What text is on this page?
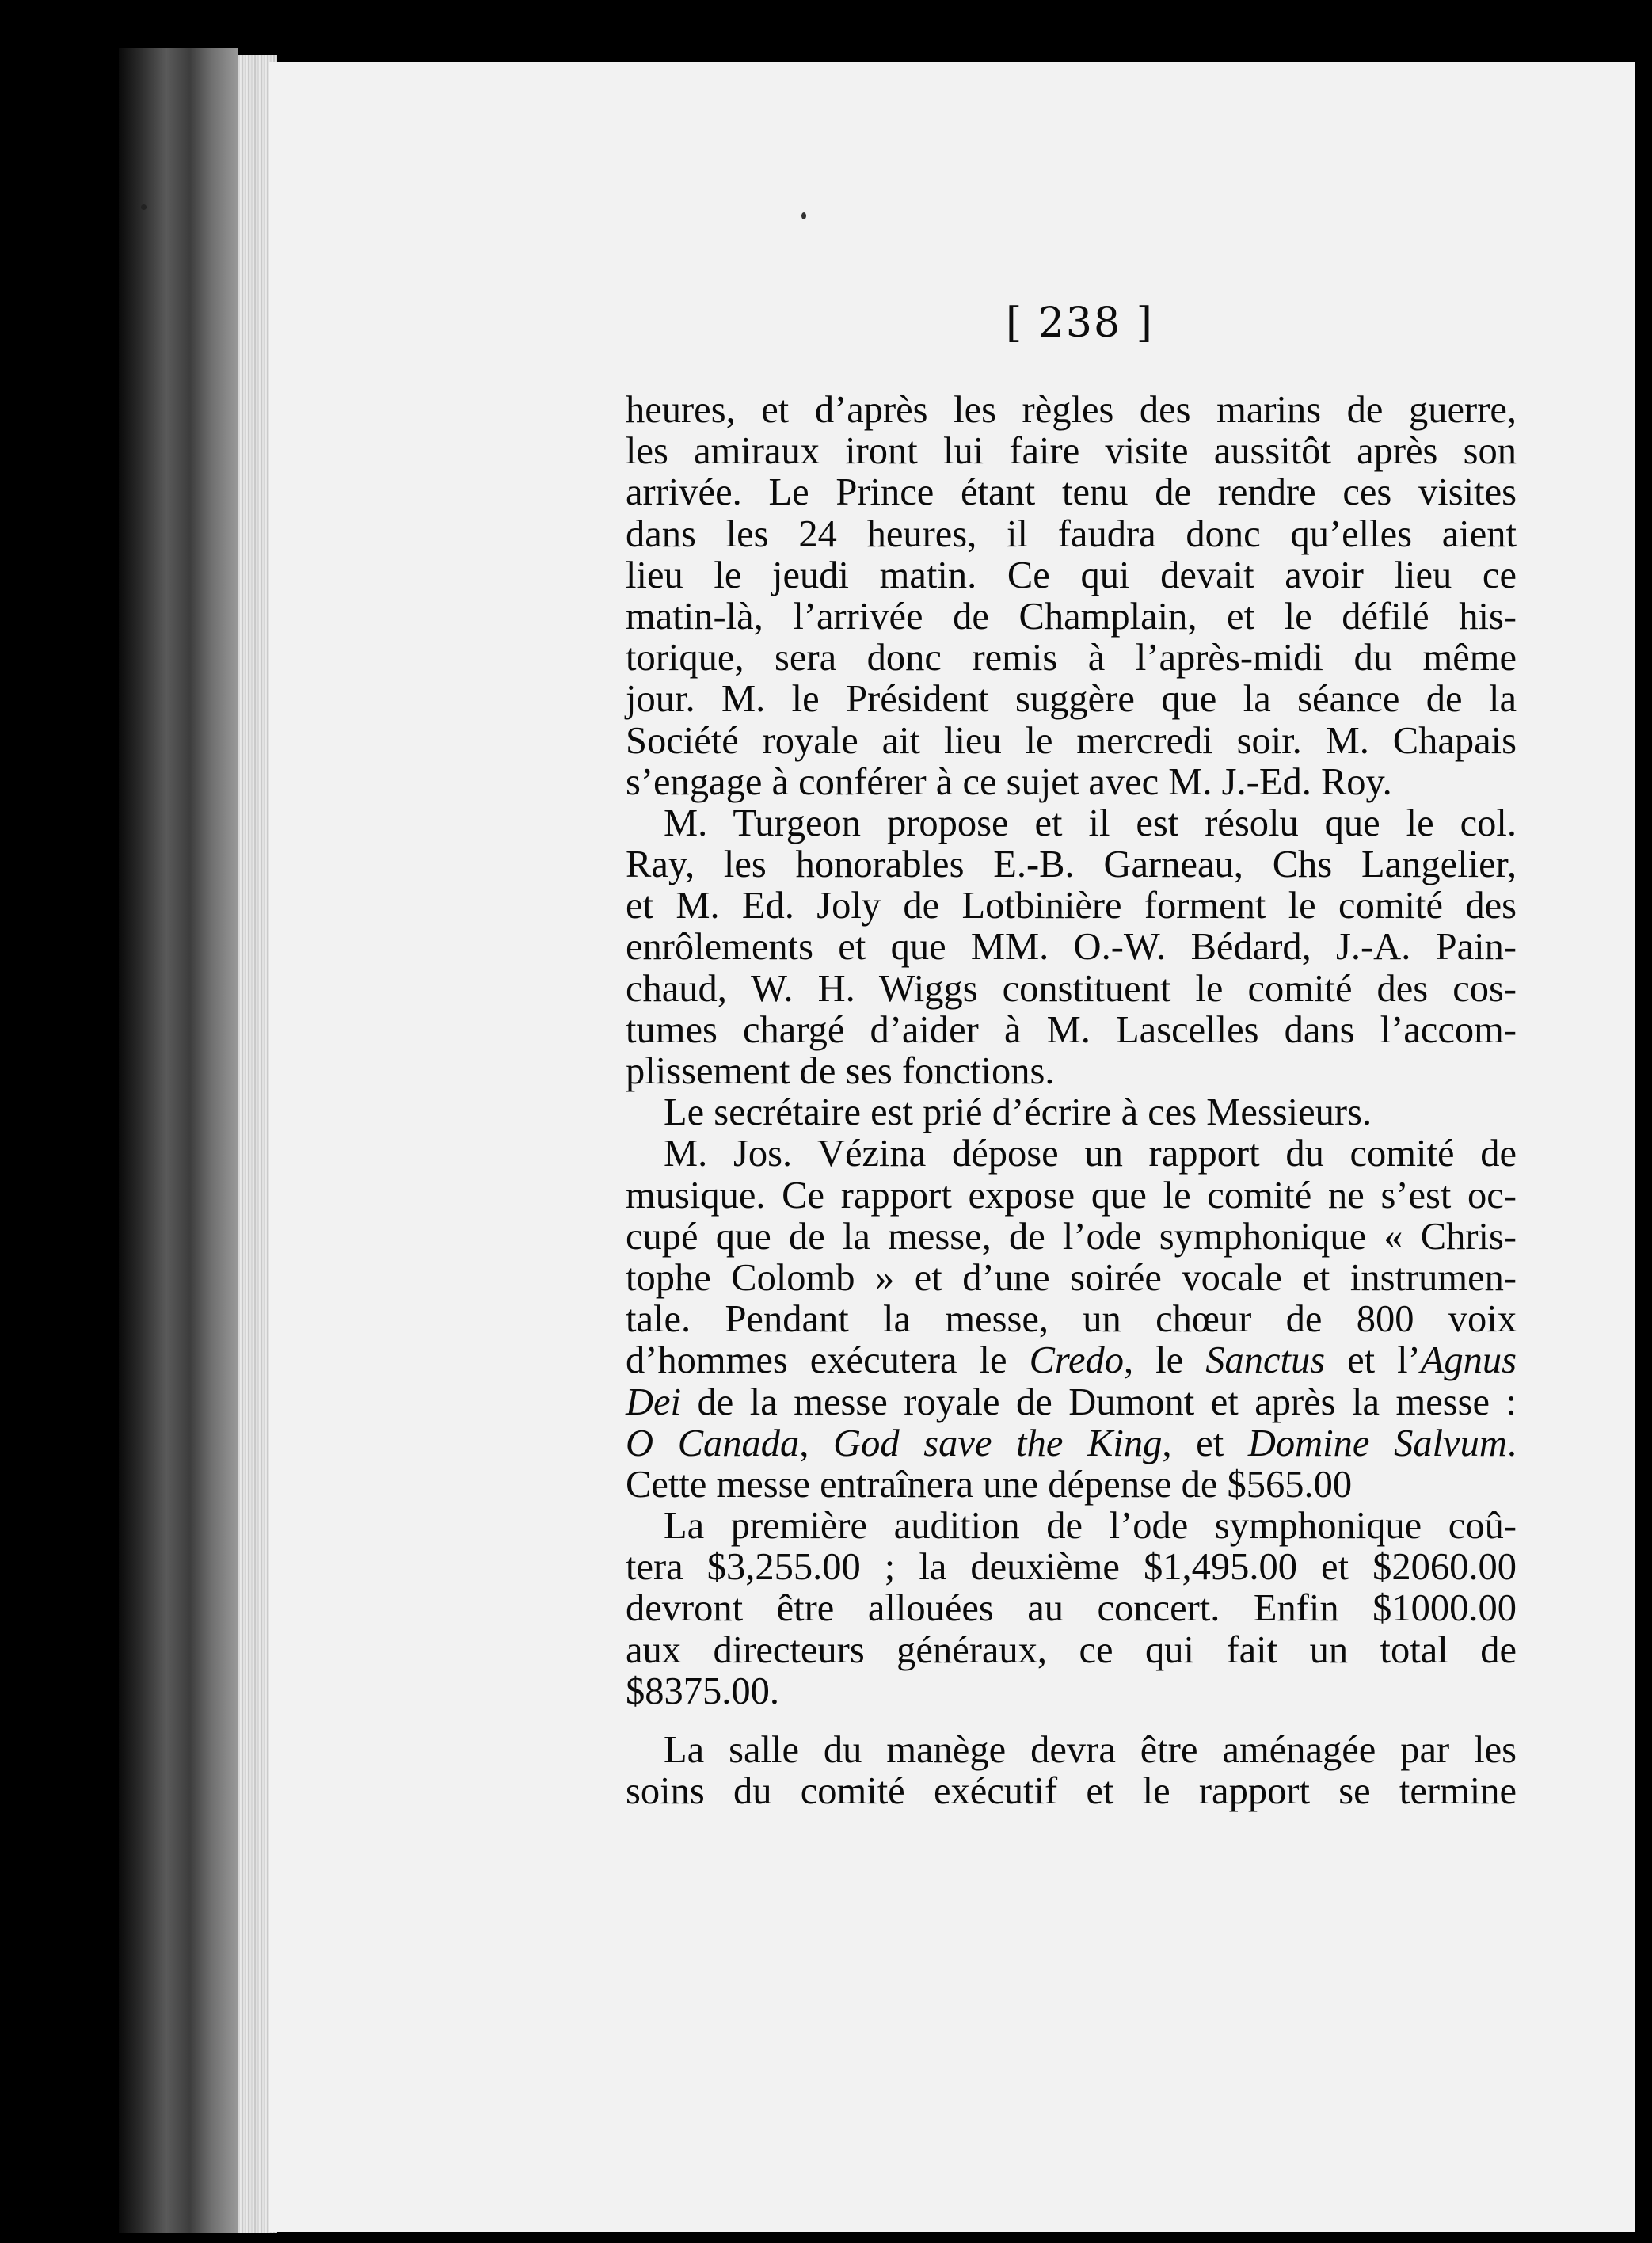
[ 238 ]
heures, et d’après les règles des marins de guerre,
les amiraux iront lui faire visite aussitôt après son
arrivée. Le Prince étant tenu de rendre ces visites
dans les 24 heures, il faudra donc qu’elles aient
lieu le jeudi matin. Ce qui devait avoir lieu ce
matin-là, l’arrivée de Champlain, et le défilé his-
torique, sera donc remis à l’après-midi du même
jour. M. le Président suggère que la séance de la
Société royale ait lieu le mercredi soir. M. Chapais
s’engage à conférer à ce sujet avec M. J.-Ed. Roy.
M. Turgeon propose et il est résolu que le col.
Ray, les honorables E.-B. Garneau, Chs Langelier,
et M. Ed. Joly de Lotbinière forment le comité des
enrôlements et que MM. O.-W. Bédard, J.-A. Pain-
chaud, W. H. Wiggs constituent le comité des cos-
tumes chargé d’aider à M. Lascelles dans l’accom-
plissement de ses fonctions.
Le secrétaire est prié d’écrire à ces Messieurs.
M. Jos. Vézina dépose un rapport du comité de
musique. Ce rapport expose que le comité ne s’est oc-
cupé que de la messe, de l’ode symphonique « Chris-
tophe Colomb » et d’une soirée vocale et instrumen-
tale. Pendant la messe, un chœur de 800 voix
d’hommes exécutera le Credo, le Sanctus et l’Agnus
Dei de la messe royale de Dumont et après la messe :
O Canada, God save the King, et Domine Salvum.
Cette messe entraînera une dépense de $565.00
La première audition de l’ode symphonique coû-
tera $3,255.00 ; la deuxième $1,495.00 et $2060.00
devront être allouées au concert. Enfin $1000.00
aux directeurs généraux, ce qui fait un total de
$8375.00.
La salle du manège devra être aménagée par les
soins du comité exécutif et le rapport se termine
